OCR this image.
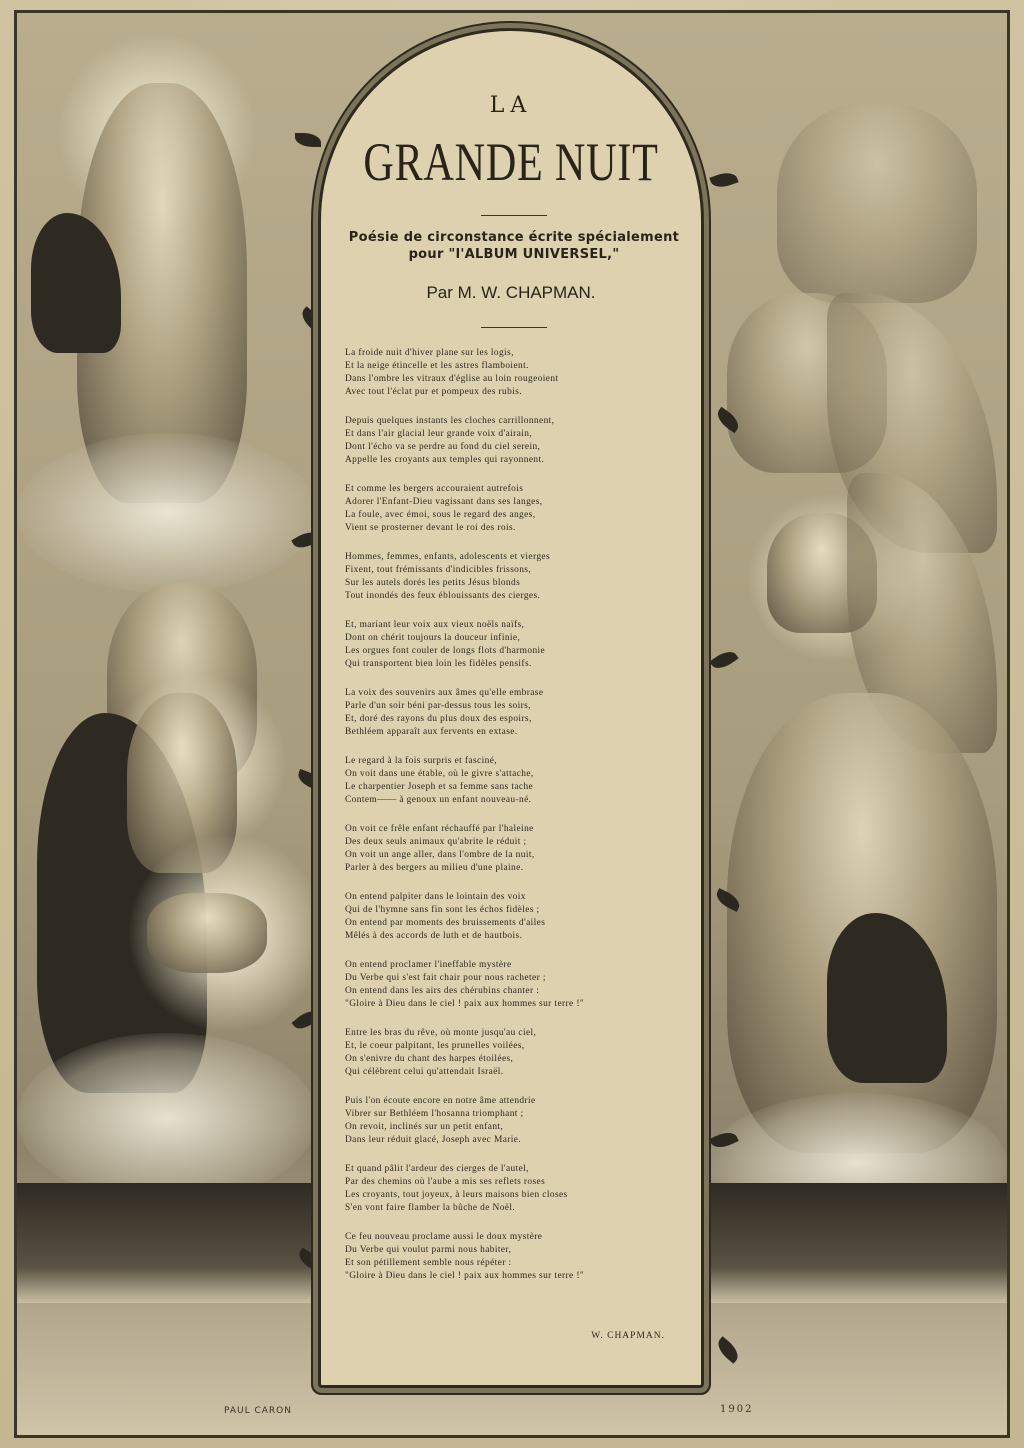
LA
GRANDE NUIT
Poésie de circonstance écrite spécialement
pour "l'ALBUM UNIVERSEL,"
Par M. W. CHAPMAN.
La froide nuit d'hiver plane sur les logis,
Et la neige étincelle et les astres flamboient.
Dans l'ombre les vitraux d'église au loin rougeoient
Avec tout l'éclat pur et pompeux des rubis.
Depuis quelques instants les cloches carrillonnent,
Et dans l'air glacial leur grande voix d'airain,
Dont l'écho va se perdre au fond du ciel serein,
Appelle les croyants aux temples qui rayonnent.
Et comme les bergers accouraient autrefois
Adorer l'Enfant-Dieu vagissant dans ses langes,
La foule, avec émoi, sous le regard des anges,
Vient se prosterner devant le roi des rois.
Hommes, femmes, enfants, adolescents et vierges
Fixent, tout frémissants d'indicibles frissons,
Sur les autels dorés les petits Jésus blonds
Tout inondés des feux éblouissants des cierges.
Et, mariant leur voix aux vieux noëls naïfs,
Dont on chérit toujours la douceur infinie,
Les orgues font couler de longs flots d'harmonie
Qui transportent bien loin les fidèles pensifs.
La voix des souvenirs aux âmes qu'elle embrase
Parle d'un soir béni par-dessus tous les soirs,
Et, doré des rayons du plus doux des espoirs,
Bethléem apparaît aux fervents en extase.
Le regard à la fois surpris et fasciné,
On voit dans une étable, où le givre s'attache,
Le charpentier Joseph et sa femme sans tache
Contem—— à genoux un enfant nouveau-né.
On voit ce frêle enfant réchauffé par l'haleine
Des deux seuls animaux qu'abrite le réduit ;
On voit un ange aller, dans l'ombre de la nuit,
Parler à des bergers au milieu d'une plaine.
On entend palpiter dans le lointain des voix
Qui de l'hymne sans fin sont les échos fidèles ;
On entend par moments des bruissements d'ailes
Mêlés à des accords de luth et de hautbois.
On entend proclamer l'ineffable mystère
Du Verbe qui s'est fait chair pour nous racheter ;
On entend dans les airs des chérubins chanter :
"Gloire à Dieu dans le ciel ! paix aux hommes sur terre !"
Entre les bras du rêve, où monte jusqu'au ciel,
Et, le coeur palpitant, les prunelles voilées,
On s'enivre du chant des harpes étoilées,
Qui célèbrent celui qu'attendait Israël.
Puis l'on écoute encore en notre âme attendrie
Vibrer sur Bethléem l'hosanna triomphant ;
On revoit, inclinés sur un petit enfant,
Dans leur réduit glacé, Joseph avec Marie.
Et quand pâlit l'ardeur des cierges de l'autel,
Par des chemins où l'aube a mis ses reflets roses
Les croyants, tout joyeux, à leurs maisons bien closes
S'en vont faire flamber la bûche de Noël.
Ce feu nouveau proclame aussi le doux mystère
Du Verbe qui voulut parmi nous habiter,
Et son pétillement semble nous répéter :
"Gloire à Dieu dans le ciel ! paix aux hommes sur terre !"
W. CHAPMAN.
PAUL CARON	1902
